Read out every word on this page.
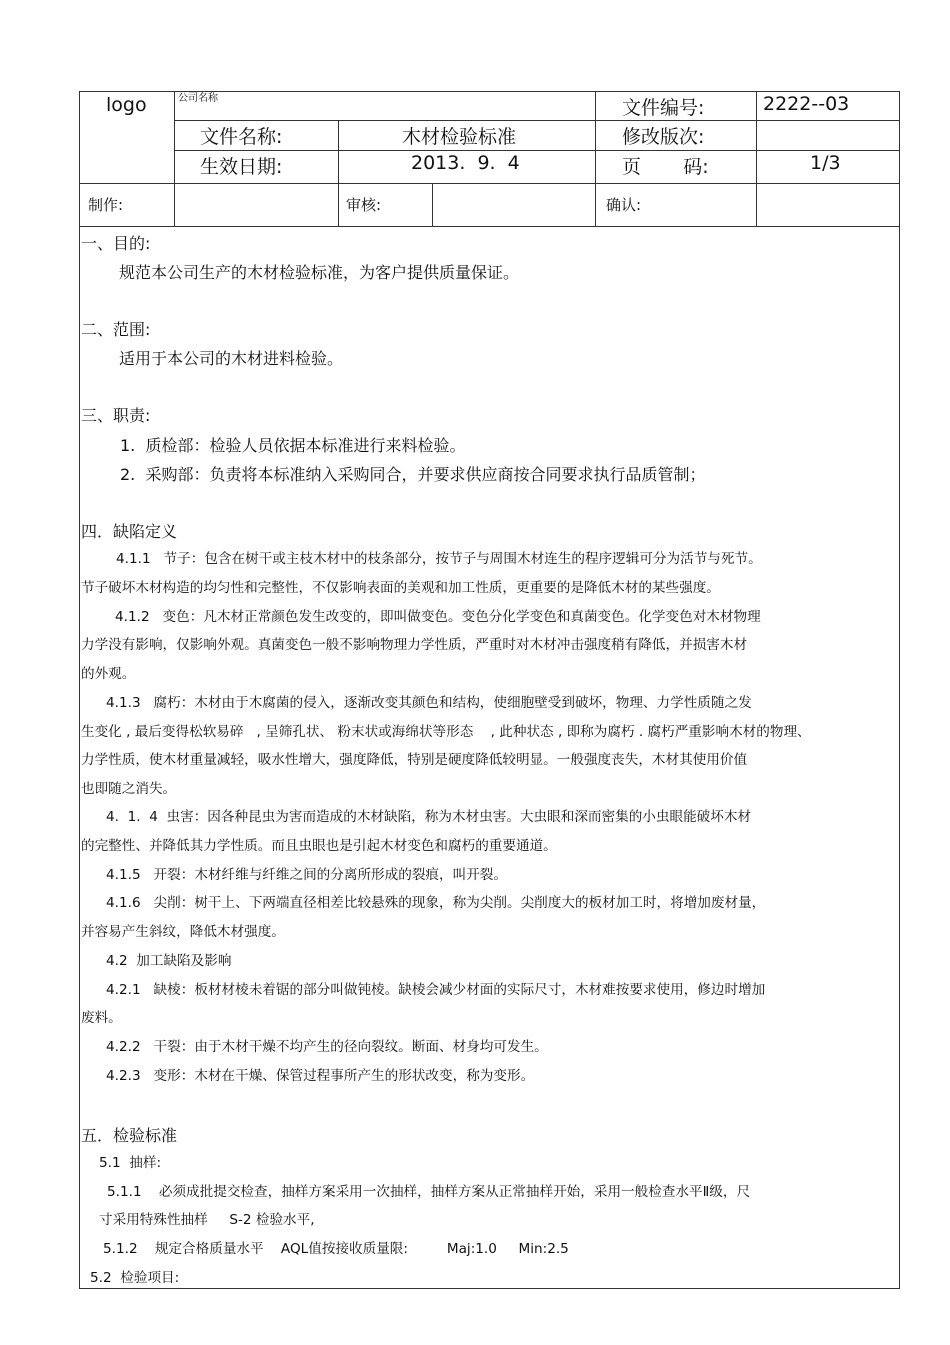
logo	公司名称	文件编号:	2222--03
文件名称:	木材检验标准	修改版次:
生效日期:	2013.  9.  4	页       码:	1/3
制作:	审核:	确认:
一、目的:
规范本公司生产的木材检验标准，为客户提供质量保证。
二、范围:
适用于本公司的木材进料检验。
三、职责:
1.  质检部：检验人员依据本标准进行来料检验。
2.  采购部：负责将本标准纳入采购同合，并要求供应商按合同要求执行品质管制；
四．缺陷定义
4.1.1   节子：包含在树干或主枝木材中的枝条部分，按节子与周围木材连生的程序逻辑可分为活节与死节。
节子破坏木材构造的均匀性和完整性，不仅影响表面的美观和加工性质，更重要的是降低木材的某些强度。
4.1.2   变色：凡木材正常颜色发生改变的，即叫做变色。变色分化学变色和真菌变色。化学变色对木材物理
力学没有影响，仅影响外观。真菌变色一般不影响物理力学性质，严重时对木材冲击强度稍有降低，并损害木材
的外观。
4.1.3   腐朽：木材由于木腐菌的侵入，逐渐改变其颜色和结构，使细胞壁受到破坏，物理、力学性质随之发
生变化 , 最后变得松软易碎   , 呈筛孔状、 粉末状或海绵状等形态    , 此种状态 , 即称为腐朽 . 腐朽严重影响木材的物理、
力学性质，使木材重量减轻，吸水性增大，强度降低，特别是硬度降低较明显。一般强度丧失，木材其使用价值
也即随之消失。
4.  1.  4  虫害：因各种昆虫为害而造成的木材缺陷，称为木材虫害。大虫眼和深而密集的小虫眼能破坏木材
的完整性、并降低其力学性质。而且虫眼也是引起木材变色和腐朽的重要通道。
4.1.5   开裂：木材纤维与纤维之间的分离所形成的裂痕，叫开裂。
4.1.6   尖削：树干上、下两端直径相差比较悬殊的现象，称为尖削。尖削度大的板材加工时，将增加废材量，
并容易产生斜纹，降低木材强度。
4.2  加工缺陷及影响
4.2.1   缺棱：板材材棱未着锯的部分叫做钝棱。缺棱会减少材面的实际尺寸，木材难按要求使用，修边时增加
废料。
4.2.2   干裂：由于木材干燥不均产生的径向裂纹。断面、材身均可发生。
4.2.3   变形：木材在干燥、保管过程事所产生的形状改变，称为变形。
五．检验标准
5.1  抽样:
5.1.1    必须成批提交检查，抽样方案采用一次抽样，抽样方案从正常抽样开始，采用一般检查水平Ⅱ级，尺
寸采用特殊性抽样     S-2 检验水平,
5.1.2    规定合格质量水平    AQL值按接收质量限:         Maj:1.0     Min:2.5
5.2  检验项目:
